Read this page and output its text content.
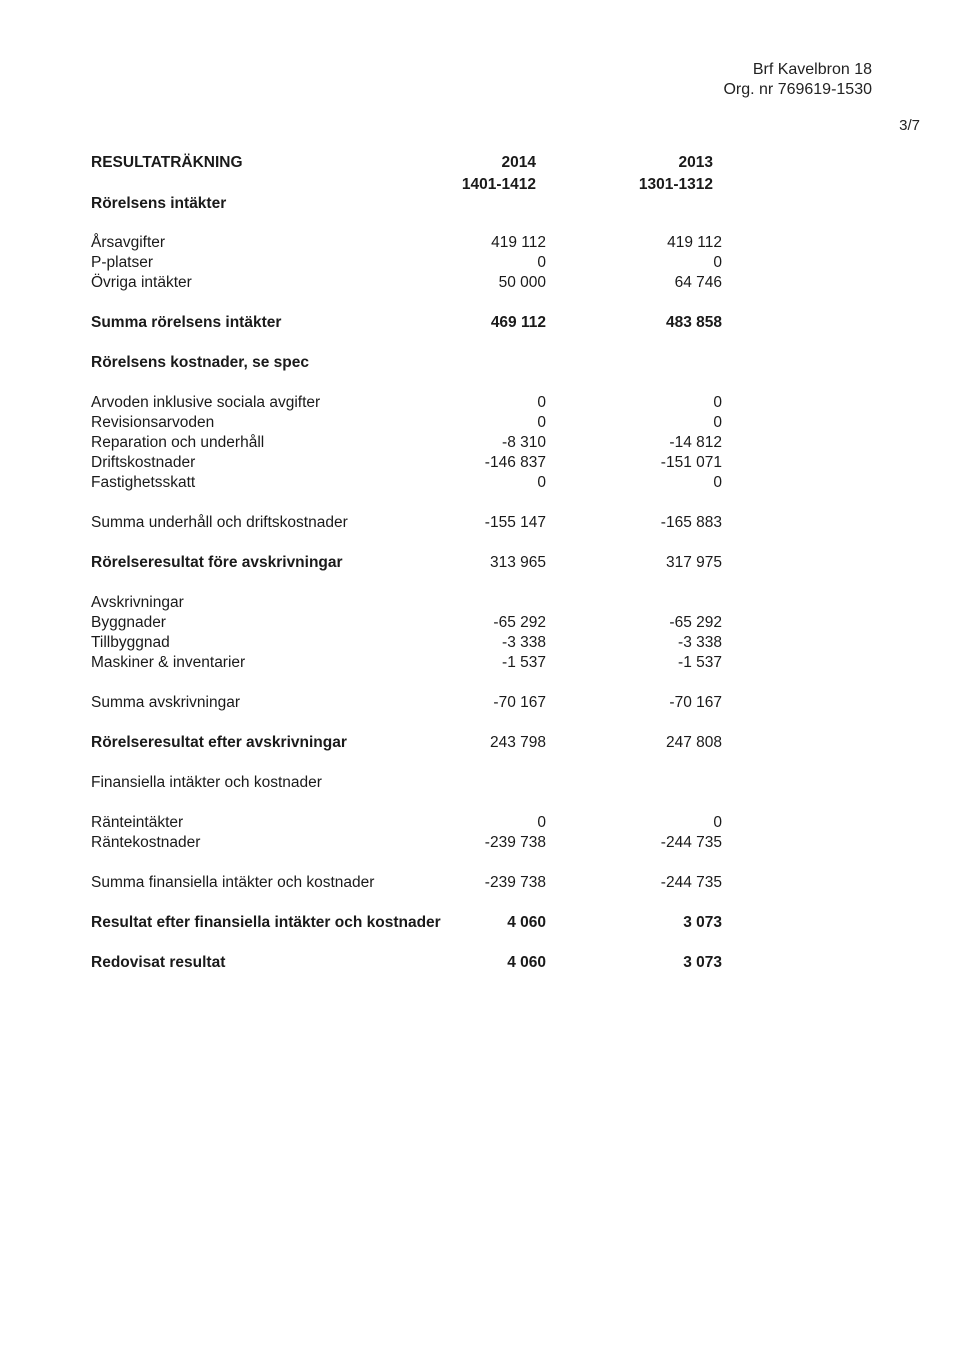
Brf Kavelbron 18
Org. nr 769619-1530
3/7
RESULTATRÄKNING	2014	2013
1401-1412	1301-1312
Rörelsens intäkter
Årsavgifter	419 112	419 112
P-platser	0	0
Övriga intäkter	50 000	64 746
Summa rörelsens intäkter	469 112	483 858
Rörelsens kostnader, se spec
Arvoden inklusive sociala avgifter	0	0
Revisionsarvoden	0	0
Reparation och underhåll	-8 310	-14 812
Driftskostnader	-146 837	-151 071
Fastighetsskatt	0	0
Summa underhåll och driftskostnader	-155 147	-165 883
Rörelseresultat före avskrivningar	313 965	317 975
Avskrivningar
Byggnader	-65 292	-65 292
Tillbyggnad	-3 338	-3 338
Maskiner & inventarier	-1 537	-1 537
Summa avskrivningar	-70 167	-70 167
Rörelseresultat efter avskrivningar	243 798	247 808
Finansiella intäkter och kostnader
Ränteintäkter	0	0
Räntekostnader	-239 738	-244 735
Summa finansiella intäkter och kostnader	-239 738	-244 735
Resultat efter finansiella intäkter och kostnader	4 060	3 073
Redovisat resultat	4 060	3 073
